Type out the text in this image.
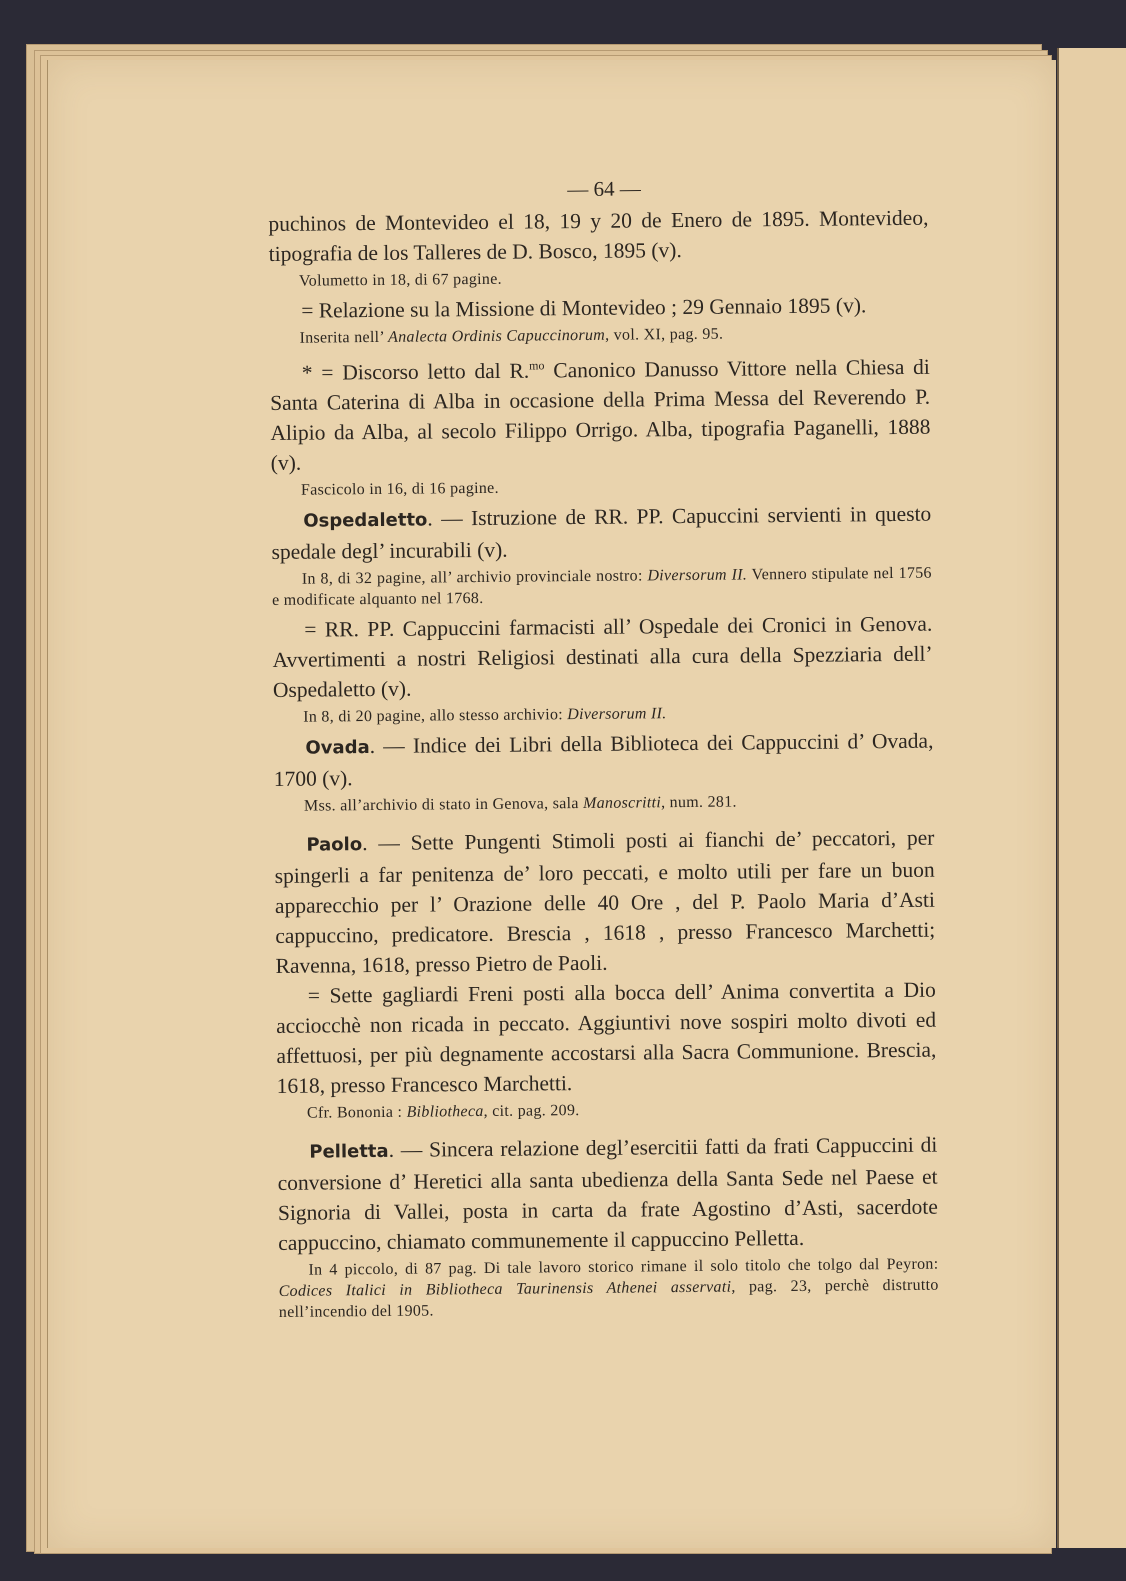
— 64 —
puchinos de Montevideo el 18, 19 y 20 de Enero de 1895. Montevideo, tipografia de los Talleres de D. Bosco, 1895 (v).
Volumetto in 18, di 67 pagine.
= Relazione su la Missione di Montevideo ; 29 Gennaio 1895 (v).
Inserita nell’ Analecta Ordinis Capuccinorum, vol. XI, pag. 95.
* = Discorso letto dal R.$^{mo}$ Canonico Danusso Vittore nella Chiesa di Santa Caterina di Alba in occasione della Prima Messa del Reverendo P. Alipio da Alba, al secolo Filippo Orrigo. Alba, tipografia Paganelli, 1888 (v).
Fascicolo in 16, di 16 pagine.
Ospedaletto. — Istruzione de RR. PP. Capuccini servienti in questo spedale degl’ incurabili (v).
In 8, di 32 pagine, all’ archivio provinciale nostro: Diversorum II. Vennero stipulate nel 1756 e modificate alquanto nel 1768.
= RR. PP. Cappuccini farmacisti all’ Ospedale dei Cronici in Genova. Avvertimenti a nostri Religiosi destinati alla cura della Spezziaria dell’ Ospedaletto (v).
In 8, di 20 pagine, allo stesso archivio: Diversorum II.
Ovada. — Indice dei Libri della Biblioteca dei Cappuccini d’ Ovada, 1700 (v).
Mss. all’archivio di stato in Genova, sala Manoscritti, num. 281.
Paolo. — Sette Pungenti Stimoli posti ai fianchi de’ peccatori, per spingerli a far penitenza de’ loro peccati, e molto utili per fare un buon apparecchio per l’ Orazione delle 40 Ore , del P. Paolo Maria d’Asti cappuccino, predicatore. Brescia , 1618 , presso Francesco Marchetti; Ravenna, 1618, presso Pietro de Paoli.
= Sette gagliardi Freni posti alla bocca dell’ Anima convertita a Dio acciocchè non ricada in peccato. Aggiuntivi nove sospiri molto divoti ed affettuosi, per più degnamente accostarsi alla Sacra Communione. Brescia, 1618, presso Francesco Marchetti.
Cfr. Bononia : Bibliotheca, cit. pag. 209.
Pelletta. — Sincera relazione degl’esercitii fatti da frati Cappuccini di conversione d’ Heretici alla santa ubedienza della Santa Sede nel Paese et Signoria di Vallei, posta in carta da frate Agostino d’Asti, sacerdote cappuccino, chiamato communemente il cappuccino Pelletta.
In 4 piccolo, di 87 pag. Di tale lavoro storico rimane il solo titolo che tolgo dal Peyron: Codices Italici in Bibliotheca Taurinensis Athenei asservati, pag. 23, perchè distrutto nell’incendio del 1905.
